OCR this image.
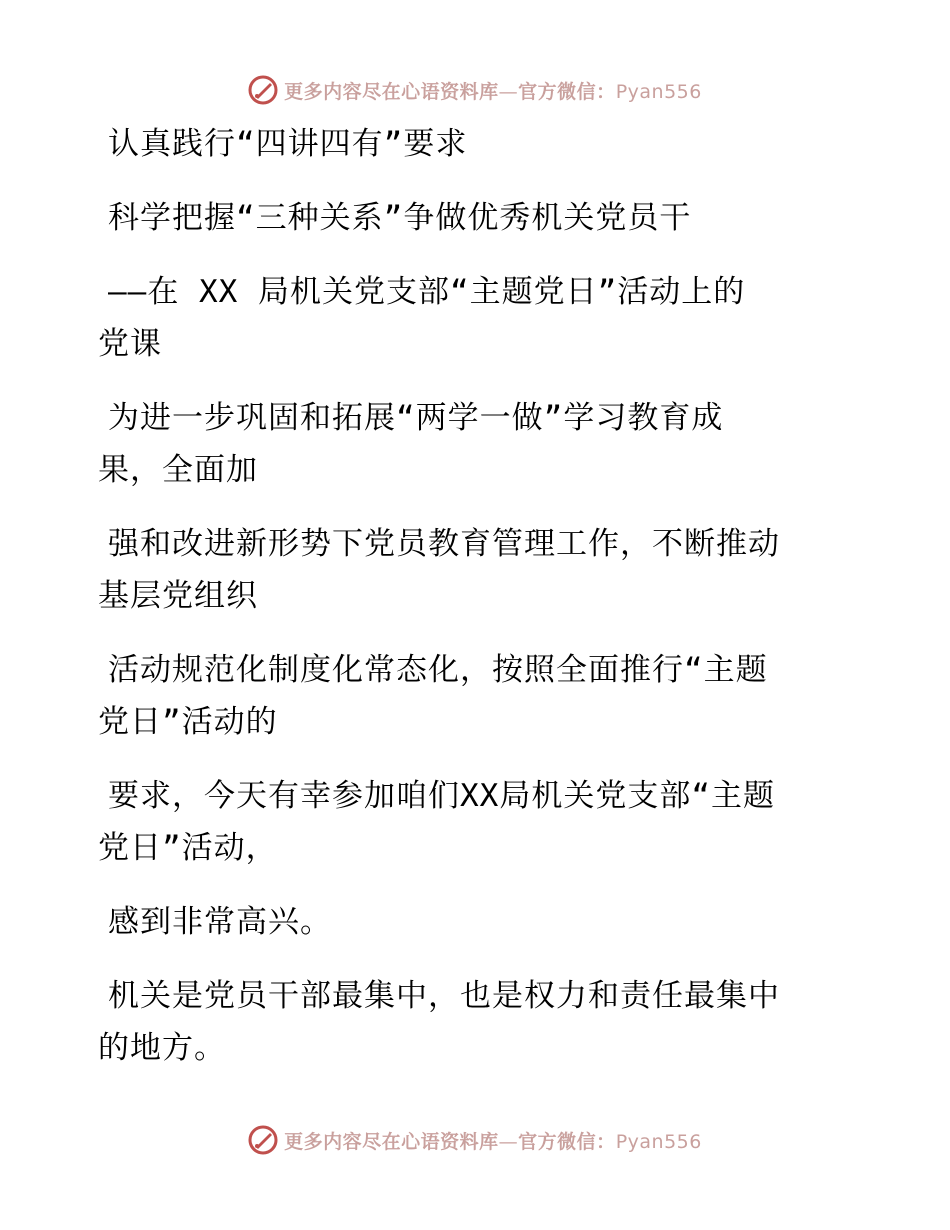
更多内容尽在心语资料库—官方微信：Pyan556
认真践行“四讲四有”要求
科学把握“三种关系”争做优秀机关党员干
——在 XX 局机关党支部“主题党日”活动上的
党课
为进一步巩固和拓展“两学一做”学习教育成
果，全面加
强和改进新形势下党员教育管理工作，不断推动
基层党组织
活动规范化制度化常态化，按照全面推行“主题
党日”活动的
要求，今天有幸参加咱们XX局机关党支部“主题
党日”活动，
感到非常高兴。
机关是党员干部最集中，也是权力和责任最集中
的地方。
更多内容尽在心语资料库—官方微信：Pyan556
